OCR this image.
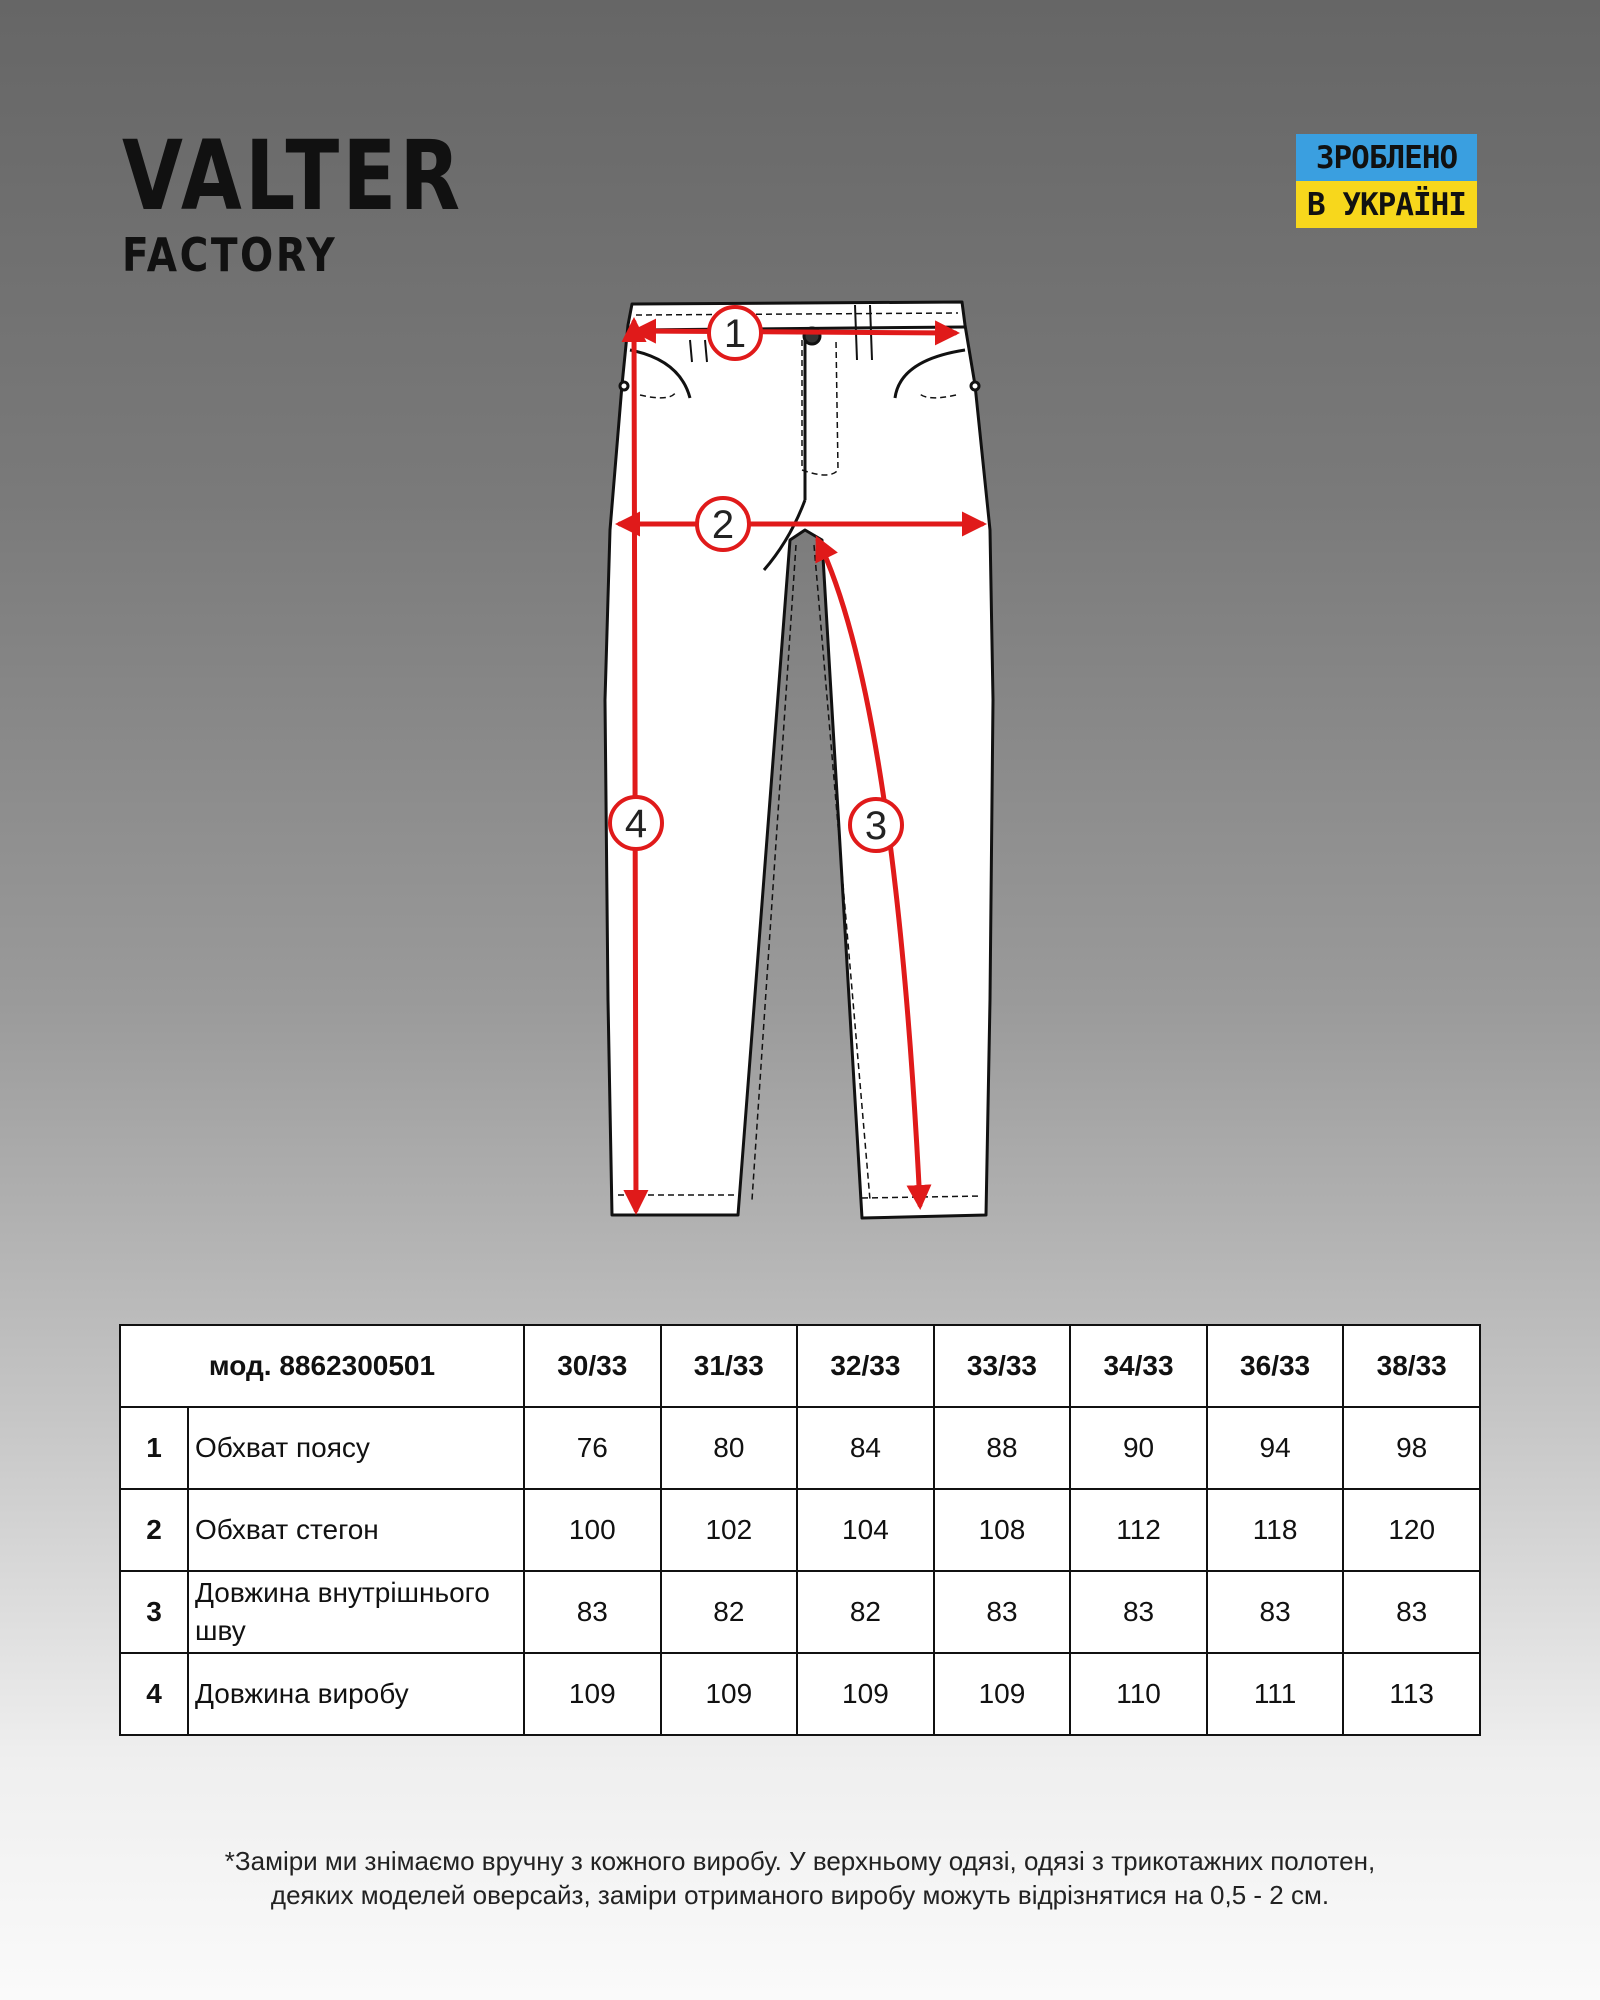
VALTER
FACTORY
ЗРОБЛЕНО
В УКРАЇНІ
1
2
3
4
мод. 8862300501		30/33	31/33	32/33	33/33	34/33	36/33	38/33
1	Обхват поясу	76	80	84	88	90	94	98
2	Обхват стегон	100	102	104	108	112	118	120
3	Довжина внутрішнього шву	83	82	82	83	83	83	83
4	Довжина виробу	109	109	109	109	110	111	113
*Заміри ми знімаємо вручну з кожного виробу. У верхньому одязі, одязі з трикотажних полотен,
деяких моделей оверсайз, заміри отриманого виробу можуть відрізнятися на 0,5 - 2 см.
